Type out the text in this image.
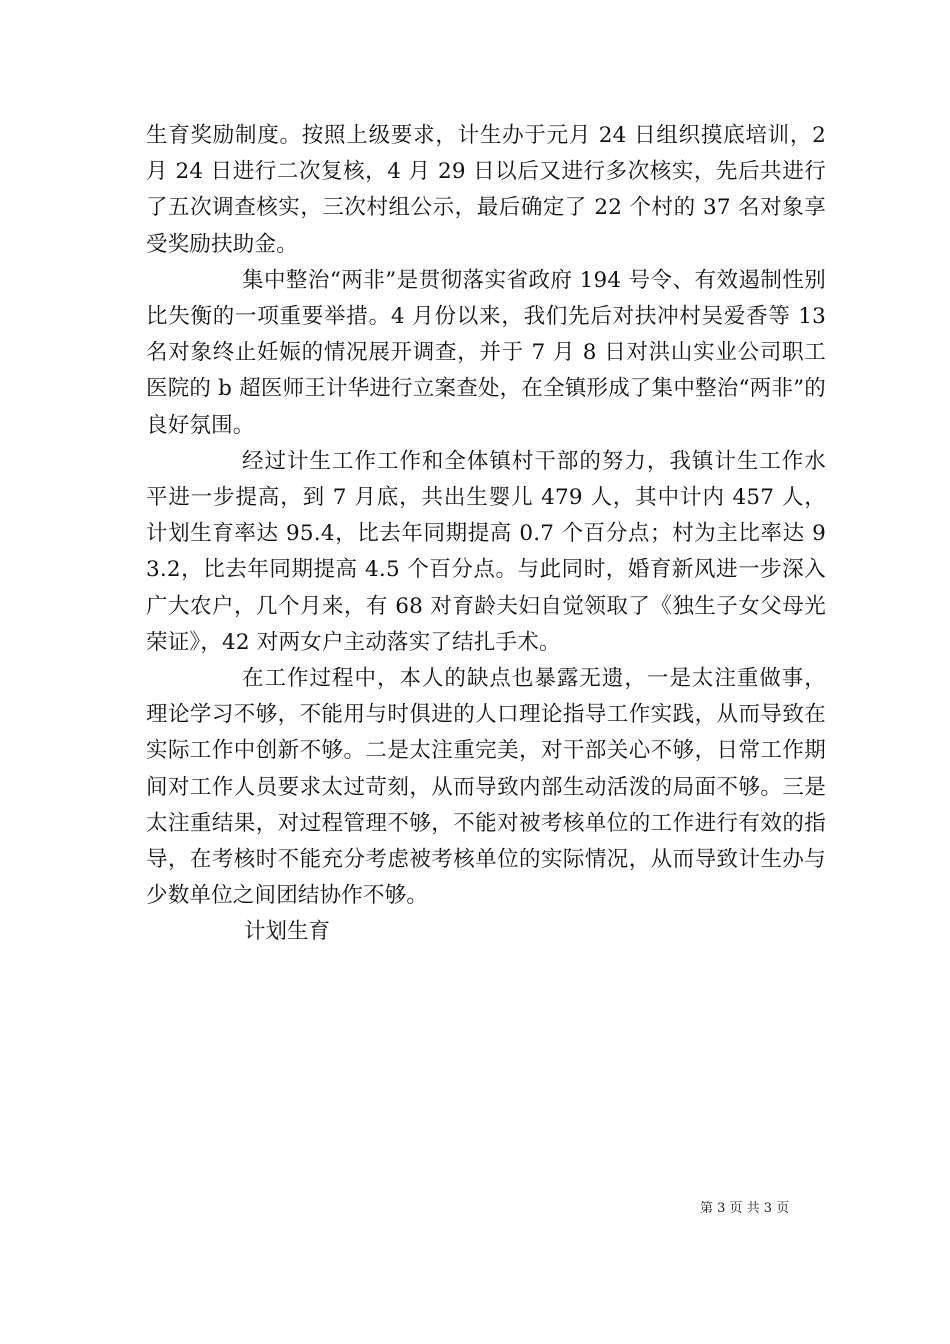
生育奖励制度。按照上级要求，计生办于元月 24 日组织摸底培训，2 月 24 日进行二次复核，4 月 29 日以后又进行多次核实，先后共进行了五次调查核实，三次村组公示，最后确定了 22 个村的 37 名对象享受奖励扶助金。

集中整治“两非”是贯彻落实省政府 194 号令、有效遏制性别比失衡的一项重要举措。4 月份以来，我们先后对扶冲村吴爱香等 13 名对象终止妊娠的情况展开调查，并于 7 月 8 日对洪山实业公司职工医院的 b 超医师王计华进行立案查处，在全镇形成了集中整治“两非”的良好氛围。

经过计生工作工作和全体镇村干部的努力，我镇计生工作水平进一步提高，到 7 月底，共出生婴儿 479 人，其中计内 457 人，计划生育率达 95.4，比去年同期提高 0.7 个百分点；村为主比率达 93.2，比去年同期提高 4.5 个百分点。与此同时，婚育新风进一步深入广大农户，几个月来，有 68 对育龄夫妇自觉领取了《独生子女父母光荣证》，42 对两女户主动落实了结扎手术。

在工作过程中，本人的缺点也暴露无遗，一是太注重做事，理论学习不够，不能用与时俱进的人口理论指导工作实践，从而导致在实际工作中创新不够。二是太注重完美，对干部关心不够，日常工作期间对工作人员要求太过苛刻，从而导致内部生动活泼的局面不够。三是太注重结果，对过程管理不够，不能对被考核单位的工作进行有效的指导，在考核时不能充分考虑被考核单位的实际情况，从而导致计生办与少数单位之间团结协作不够。

计划生育

第 3 页 共 3 页
